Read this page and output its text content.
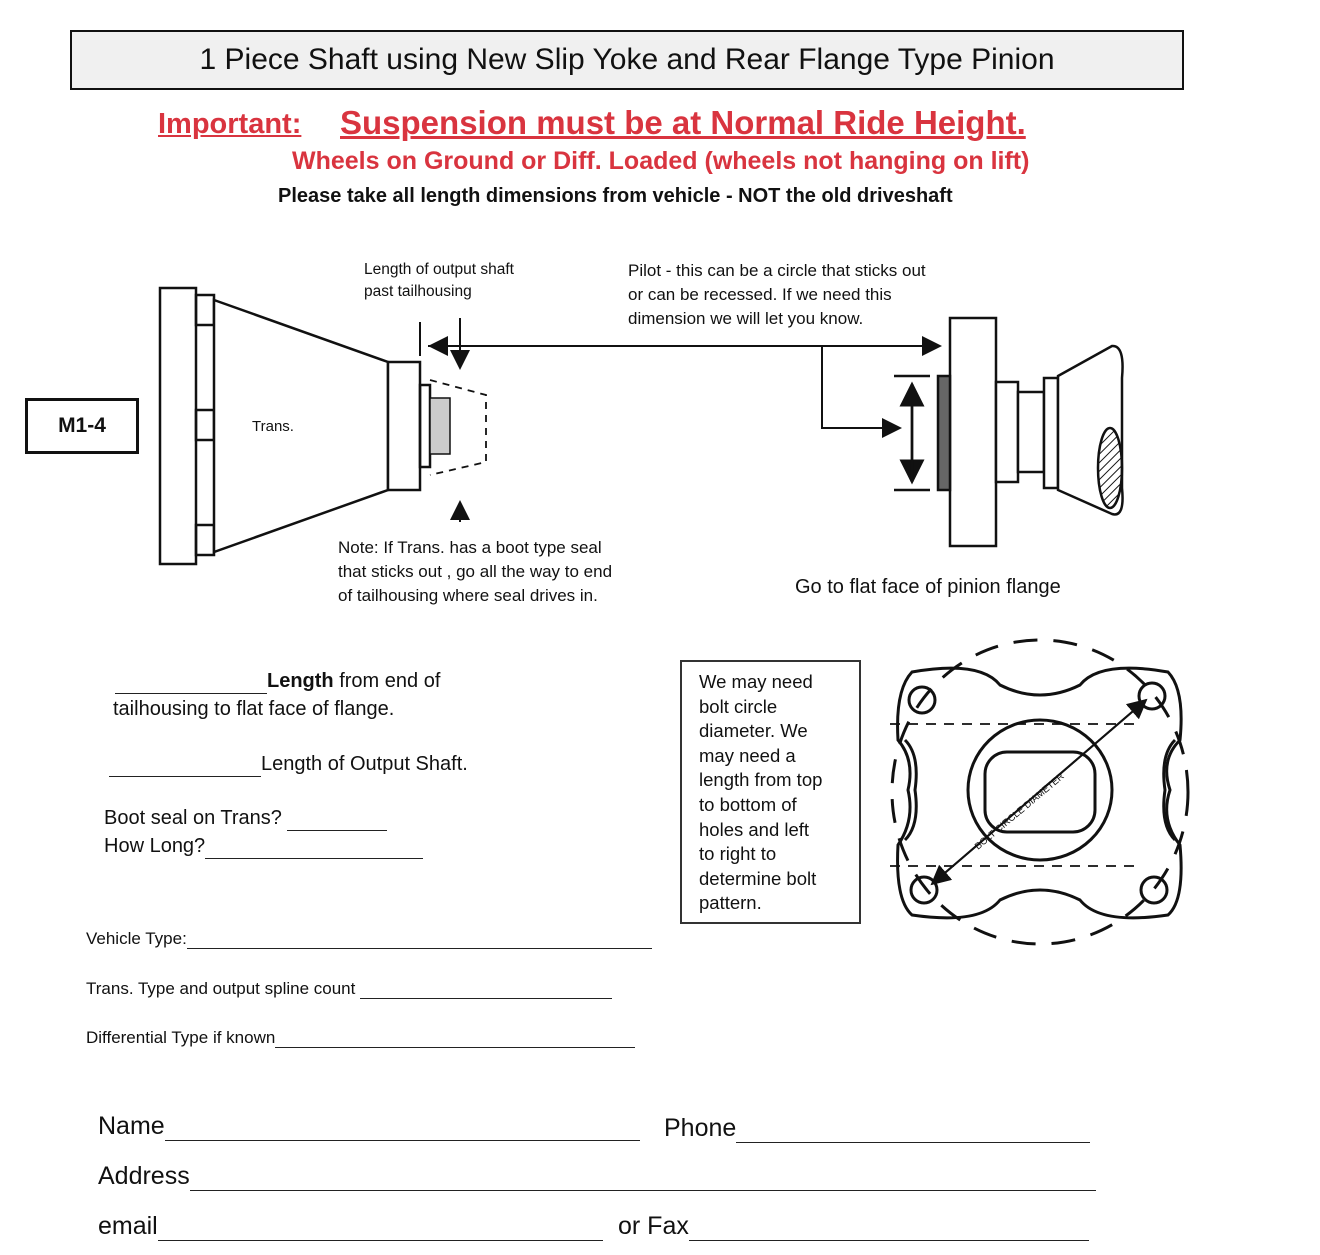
1 Piece Shaft using New Slip Yoke and Rear Flange Type Pinion
Important: Suspension must be at Normal Ride Height.
Wheels on Ground or Diff. Loaded (wheels not hanging on lift)
Please take all length dimensions from vehicle - NOT the old driveshaft
M1-4
BOLT CIRCLE DIAMETER
Length of output shaft
past tailhousing
Pilot - this can be a circle that sticks out
or can be recessed. If we need this
dimension we will let you know.
Trans.
Note: If Trans. has a boot type seal
that sticks out , go all the way to end
of tailhousing where seal drives in.	Go to flat face of pinion flange
Length from end of
tailhousing to flat face of flange.
Length of Output Shaft.
Boot seal on Trans?
How Long?
We may need
bolt circle
diameter. We
may need a
length from top
to bottom of
holes and left
to right to
determine bolt
pattern.
Vehicle Type:
Trans. Type and output spline count
Differential Type if known
Name	Phone
Address
email	or Fax
